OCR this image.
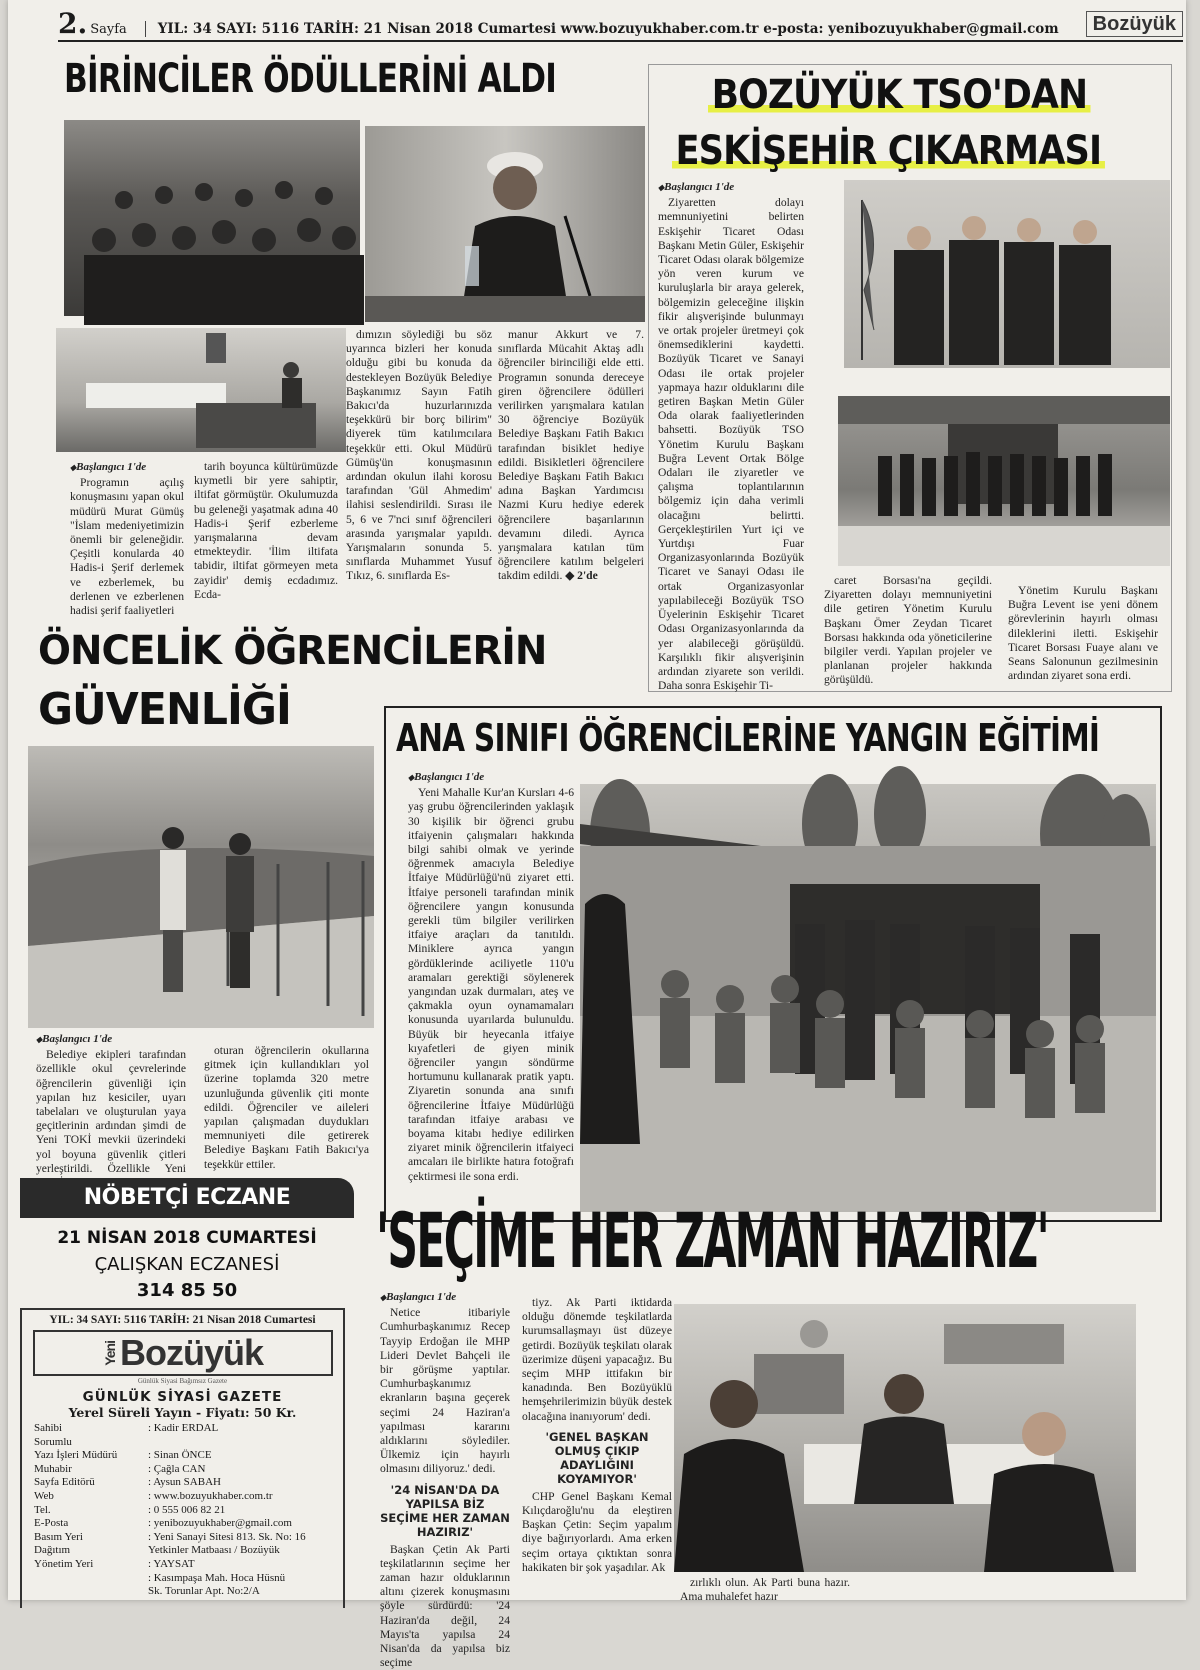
2. Sayfa	YIL: 34 SAYI: 5116 TARİH: 21 Nisan 2018 Cumartesi www.bozuyukhaber.com.tr e-posta: yenibozuyukhaber@gmail.com	Bozüyük
BİRİNCİLER ÖDÜLLERİNİ ALDI
◆ Başlangıcı 1'de

Programın açılış konuşmasını yapan okul müdürü Murat Gümüş "İslam medeniyetimizin önemli bir geleneğidir. Çeşitli konularda 40 Hadis-i Şerif derlemek ve ezberlemek, bu derlenen ve ezberlenen hadisi şerif faaliyetleri

tarih boyunca kültürümüzde kıymetli bir yere sahiptir, iltifat görmüştür. Okulumuzda bu geleneği yaşatmak adına 40 Hadis-i Şerif ezberleme yarışmalarına devam etmekteydir. 'İlim iltifata tabidir, iltifat görmeyen meta zayidir' demiş ecdadımız. Ecda-

dımızın söylediği bu söz uyarınca bizleri her konuda olduğu gibi bu konuda da destekleyen Bozüyük Belediye Başkanımız Sayın Fatih Bakıcı'da huzurlarınızda teşekkürü bir borç bilirim" diyerek tüm katılımcılara teşekkür etti. Okul Müdürü Gümüş'ün konuşmasının ardından okulun ilahi korosu tarafından 'Gül Ahmedim' ilahisi seslendirildi. Sırası ile 5, 6 ve 7'nci sınıf öğrencileri arasında yarışmalar yapıldı. Yarışmaların sonunda 5. sınıflarda Muhammet Yusuf Tıkız, 6. sınıflarda Es-

manur Akkurt ve 7. sınıflarda Mücahit Aktaş adlı öğrenciler birinciliği elde etti. Programın sonunda dereceye giren öğrencilere ödülleri verilirken yarışmalara katılan 30 öğrenciye Bozüyük Belediye Başkanı Fatih Bakıcı tarafından bisiklet hediye edildi. Bisikletleri öğrencilere Belediye Başkanı Fatih Bakıcı adına Başkan Yardımcısı Nazmi Kuru hediye ederek öğrencilere başarılarının devamını diledi. Ayrıca yarışmalara katılan tüm öğrencilere katılım belgeleri takdim edildi. ◆ 2'de

BOZÜYÜK TSO'DAN
ESKİŞEHİR ÇIKARMASI
◆ Başlangıcı 1'de

Ziyaretten dolayı memnuniyetini belirten Eskişehir Ticaret Odası Başkanı Metin Güler, Eskişehir Ticaret Odası olarak bölgemize yön veren kurum ve kuruluşlarla bir araya gelerek, bölgemizin geleceğine ilişkin fikir alışverişinde bulunmayı ve ortak projeler üretmeyi çok önemsediklerini kaydetti. Bozüyük Ticaret ve Sanayi Odası ile ortak projeler yapmaya hazır olduklarını dile getiren Başkan Metin Güler Oda olarak faaliyetlerinden bahsetti. Bozüyük TSO Yönetim Kurulu Başkanı Buğra Levent Ortak Bölge Odaları ile ziyaretler ve çalışma toplantılarının bölgemiz için daha verimli olacağını belirtti. Gerçekleştirilen Yurt içi ve Yurtdışı Fuar Organizasyonlarında Bozüyük Ticaret ve Sanayi Odası ile ortak Organizasyonlar yapılabileceği Bozüyük TSO Üyelerinin Eskişehir Ticaret Odası Organizasyonlarında da yer alabileceği görüşüldü. Karşılıklı fikir alışverişinin ardından ziyarete son verildi. Daha sonra Eskişehir Ti-

caret Borsası'na geçildi. Ziyaretten dolayı memnuniyetini dile getiren Yönetim Kurulu Başkanı Ömer Zeydan Ticaret Borsası hakkında oda yöneticilerine bilgiler verdi. Yapılan projeler ve planlanan projeler hakkında görüşüldü.

Yönetim Kurulu Başkanı Buğra Levent ise yeni dönem görevlerinin hayırlı olması dileklerini iletti. Eskişehir Ticaret Borsası Fuaye alanı ve Seans Salonunun gezilmesinin ardından ziyaret sona erdi.

ÖNCELİK ÖĞRENCİLERİN
GÜVENLİĞİ
◆ Başlangıcı 1'de

Belediye ekipleri tarafından özellikle okul çevrelerinde öğrencilerin güvenliği için yapılan hız kesiciler, uyarı tabelaları ve oluşturulan yaya geçitlerinin ardından şimdi de Yeni TOKİ mevkii üzerindeki yol boyuna güvenlik çitleri yerleştirildi. Özellikle Yeni

oturan öğrencilerin okullarına gitmek için kullandıkları yol üzerine toplamda 320 metre uzunluğunda güvenlik çiti monte edildi. Öğrenciler ve aileleri yapılan çalışmadan duydukları memnuniyeti dile getirerek Belediye Başkanı Fatih Bakıcı'ya teşekkür ettiler.

ANA SINIFI ÖĞRENCİLERİNE YANGIN EĞİTİMİ
◆ Başlangıcı 1'de

Yeni Mahalle Kur'an Kursları 4-6 yaş grubu öğrencilerinden yaklaşık 30 kişilik bir öğrenci grubu itfaiyenin çalışmaları hakkında bilgi sahibi olmak ve yerinde öğrenmek amacıyla Belediye İtfaiye Müdürlüğü'nü ziyaret etti. İtfaiye personeli tarafından minik öğrencilere yangın konusunda gerekli tüm bilgiler verilirken itfaiye araçları da tanıtıldı. Miniklere ayrıca yangın gördüklerinde aciliyetle 110'u aramaları gerektiği söylenerek yangından uzak durmaları, ateş ve çakmakla oyun oynamamaları konusunda uyarılarda bulunuldu. Büyük bir heyecanla itfaiye kıyafetleri de giyen minik öğrenciler yangın söndürme hortumunu kullanarak pratik yaptı. Ziyaretin sonunda ana sınıfı öğrencilerine İtfaiye Müdürlüğü tarafından itfaiye arabası ve boyama kitabı hediye edilirken ziyaret minik öğrencilerin itfaiyeci amcaları ile birlikte hatıra fotoğrafı çektirmesi ile sona erdi.

NÖBETÇİ ECZANE
21 NİSAN 2018 CUMARTESİ
ÇALIŞKAN ECZANESİ
314 85 50
YIL: 34 SAYI: 5116 TARİH: 21 Nisan 2018 Cumartesi
Yeni Bozüyük
Günlük Siyasi Bağımsız Gazete
GÜNLÜK SİYASİ GAZETE
Yerel Süreli Yayın - Fiyatı: 50 Kr.
Sahibi	: Kadir ERDAL
Sorumlu
Yazı İşleri Müdürü	: Sinan ÖNCE
Muhabir	: Çağla CAN
Sayfa Editörü	: Aysun SABAH
Web	: www.bozuyukhaber.com.tr
Tel.	: 0 555 006 82 21
E-Posta	: yenibozuyukhaber@gmail.com
Basım Yeri	: Yeni Sanayi Sitesi 813. Sk. No: 16
Dağıtım	Yetkinler Matbaası / Bozüyük
Yönetim Yeri	: YAYSAT
: Kasımpaşa Mah. Hoca Hüsnü
Sk. Torunlar Apt. No:2/A
'SEÇİME HER ZAMAN HAZIRIZ'
◆ Başlangıcı 1'de

Netice itibariyle Cumhurbaşkanımız Recep Tayyip Erdoğan ile MHP Lideri Devlet Bahçeli ile bir görüşme yaptılar. Cumhurbaşkanımız ekranların başına geçerek seçimi 24 Haziran'a yapılması kararını aldıklarını söylediler. Ülkemiz için hayırlı olmasını diliyoruz.' dedi.

'24 NİSAN'DA DA YAPILSA BİZ SEÇİME HER ZAMAN HAZIRIZ'

Başkan Çetin Ak Parti teşkilatlarının seçime her zaman hazır olduklarının altını çizerek konuşmasını şöyle sürdürdü: '24 Haziran'da değil, 24 Mayıs'ta yapılsa 24 Nisan'da da yapılsa biz seçime

tiyz. Ak Parti iktidarda olduğu dönemde teşkilatlarda kurumsallaşmayı üst düzeye getirdi. Bozüyük teşkilatı olarak üzerimize düşeni yapacağız. Bu seçim MHP ittifakın bir kanadında. Ben Bozüyüklü hemşehrilerimizin büyük destek olacağına inanıyorum' dedi.

'GENEL BAŞKAN OLMUŞ ÇIKIP ADAYLIĞINI KOYAMIYOR'

CHP Genel Başkanı Kemal Kılıçdaroğlu'nu da eleştiren Başkan Çetin: Seçim yapalım diye bağırıyorlardı. Ama erken seçim ortaya çıktıktan sonra hakikaten bir şok yaşadılar. Ak

zırlıklı olun. Ak Parti buna hazır. Ama muhalefet hazır
